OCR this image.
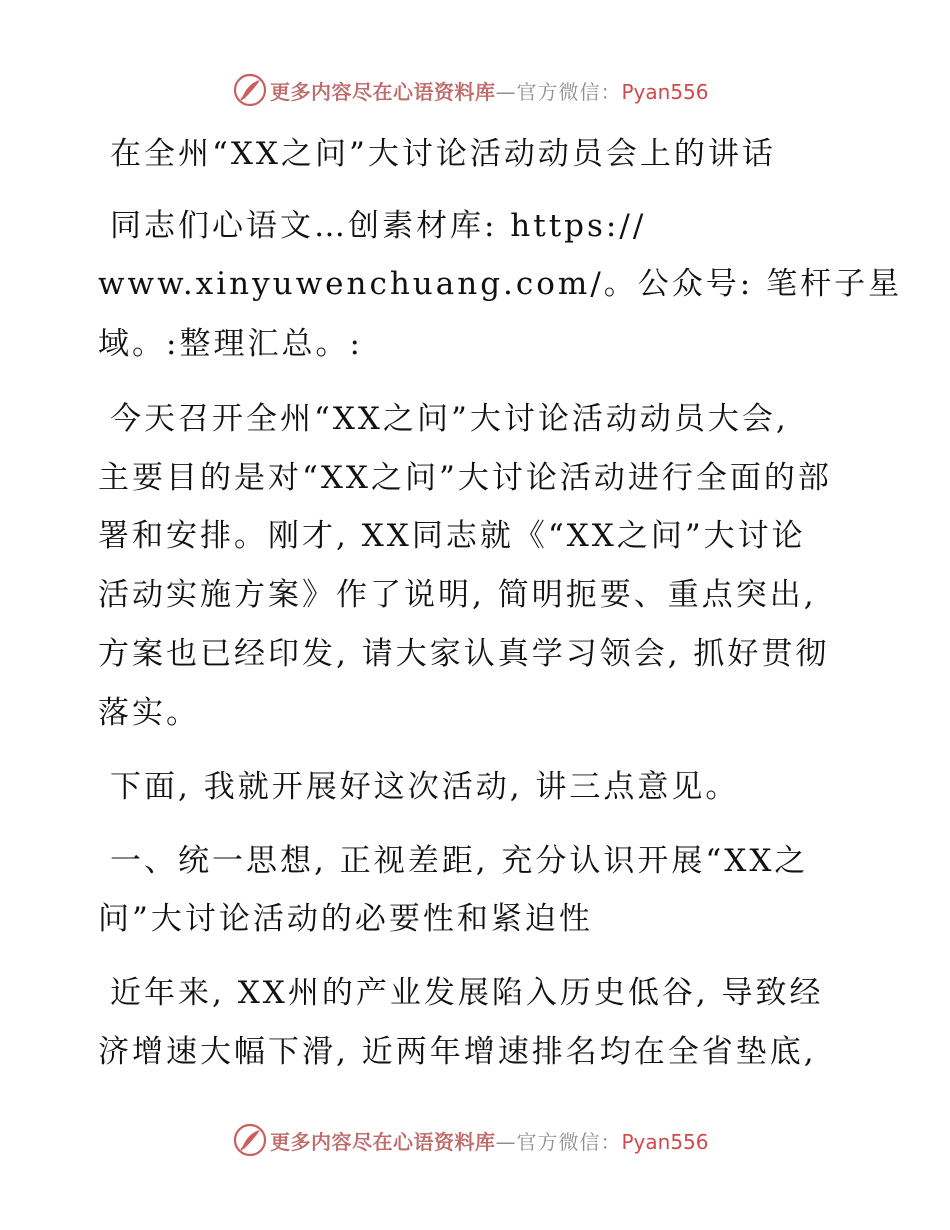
更多内容尽在心语资料库—官方微信：Pyan556
在全州“XX之问”大讨论活动动员会上的讲话
同志们心语文…创素材库: https://
www.xinyuwenchuang.com/。公众号: 笔杆子星
域。:整理汇总。:
今天召开全州“XX之问”大讨论活动动员大会,
主要目的是对“XX之问”大讨论活动进行全面的部
署和安排。刚才, XX同志就《“XX之问”大讨论
活动实施方案》作了说明, 简明扼要、重点突出,
方案也已经印发, 请大家认真学习领会, 抓好贯彻
落实。
下面, 我就开展好这次活动, 讲三点意见。
一、统一思想, 正视差距, 充分认识开展“XX之
问”大讨论活动的必要性和紧迫性
近年来, XX州的产业发展陷入历史低谷, 导致经
济增速大幅下滑, 近两年增速排名均在全省垫底,
更多内容尽在心语资料库—官方微信：Pyan556
